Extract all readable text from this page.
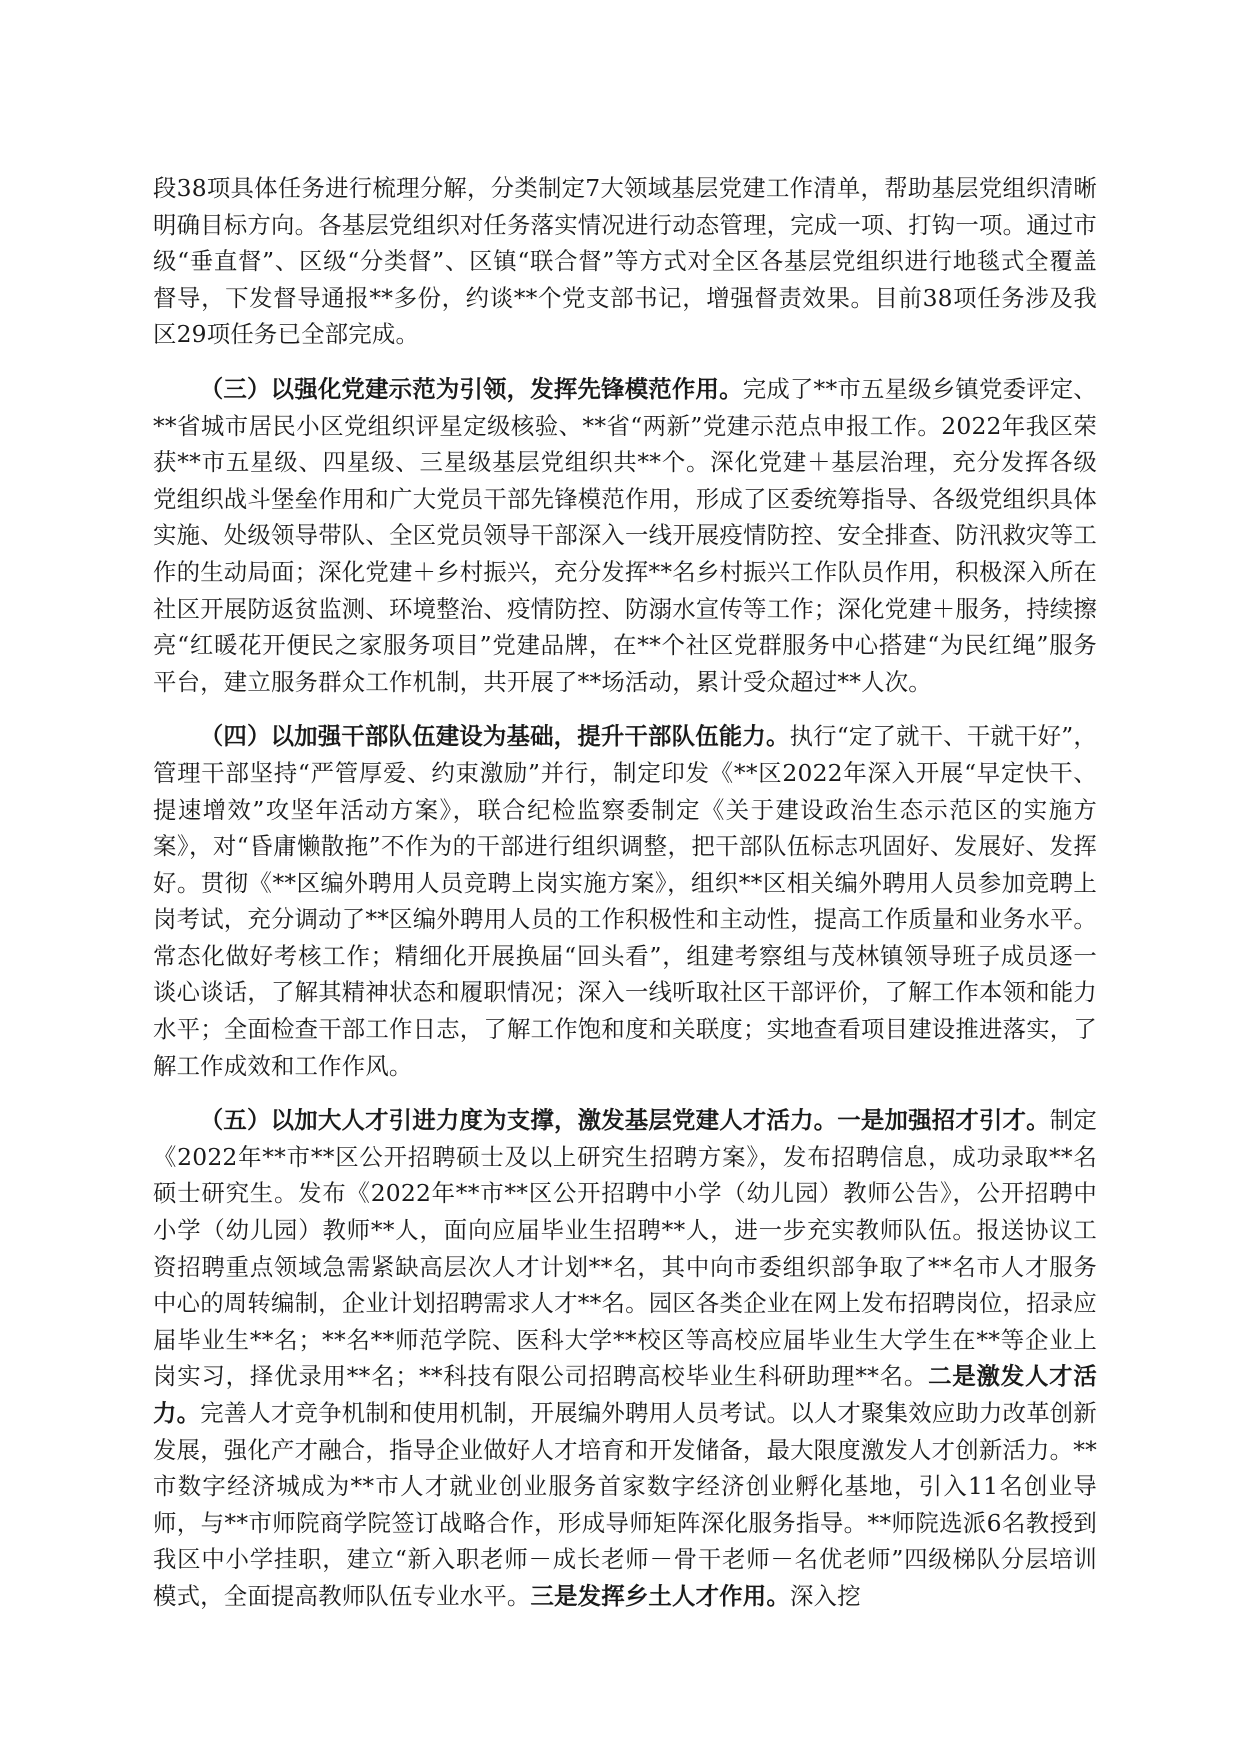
段38项具体任务进行梳理分解，分类制定7大领域基层党建工作清单，帮助基层党组织清晰明确目标方向。各基层党组织对任务落实情况进行动态管理，完成一项、打钩一项。通过市级“垂直督”、区级“分类督”、区镇“联合督”等方式对全区各基层党组织进行地毯式全覆盖督导，下发督导通报**多份，约谈**个党支部书记，增强督责效果。目前38项任务涉及我区29项任务已全部完成。

（三）以强化党建示范为引领，发挥先锋模范作用。完成了**市五星级乡镇党委评定、**省城市居民小区党组织评星定级核验、**省“两新”党建示范点申报工作。2022年我区荣获**市五星级、四星级、三星级基层党组织共**个。深化党建＋基层治理，充分发挥各级党组织战斗堡垒作用和广大党员干部先锋模范作用，形成了区委统筹指导、各级党组织具体实施、处级领导带队、全区党员领导干部深入一线开展疫情防控、安全排查、防汛救灾等工作的生动局面；深化党建＋乡村振兴，充分发挥**名乡村振兴工作队员作用，积极深入所在社区开展防返贫监测、环境整治、疫情防控、防溺水宣传等工作；深化党建＋服务，持续擦亮“红暖花开便民之家服务项目”党建品牌，在**个社区党群服务中心搭建“为民红绳”服务平台，建立服务群众工作机制，共开展了**场活动，累计受众超过**人次。

（四）以加强干部队伍建设为基础，提升干部队伍能力。执行“定了就干、干就干好”，管理干部坚持“严管厚爱、约束激励”并行，制定印发《**区2022年深入开展“早定快干、提速增效”攻坚年活动方案》，联合纪检监察委制定《关于建设政治生态示范区的实施方案》，对“昏庸懒散拖”不作为的干部进行组织调整，把干部队伍标志巩固好、发展好、发挥好。贯彻《**区编外聘用人员竞聘上岗实施方案》，组织**区相关编外聘用人员参加竞聘上岗考试，充分调动了**区编外聘用人员的工作积极性和主动性，提高工作质量和业务水平。常态化做好考核工作；精细化开展换届“回头看”，组建考察组与茂林镇领导班子成员逐一谈心谈话，了解其精神状态和履职情况；深入一线听取社区干部评价，了解工作本领和能力水平；全面检查干部工作日志，了解工作饱和度和关联度；实地查看项目建设推进落实，了解工作成效和工作作风。

（五）以加大人才引进力度为支撑，激发基层党建人才活力。一是加强招才引才。制定《2022年**市**区公开招聘硕士及以上研究生招聘方案》，发布招聘信息，成功录取**名硕士研究生。发布《2022年**市**区公开招聘中小学（幼儿园）教师公告》，公开招聘中小学（幼儿园）教师**人，面向应届毕业生招聘**人，进一步充实教师队伍。报送协议工资招聘重点领域急需紧缺高层次人才计划**名，其中向市委组织部争取了**名市人才服务中心的周转编制，企业计划招聘需求人才**名。园区各类企业在网上发布招聘岗位，招录应届毕业生**名；**名**师范学院、医科大学**校区等高校应届毕业生大学生在**等企业上岗实习，择优录用**名；**科技有限公司招聘高校毕业生科研助理**名。二是激发人才活力。完善人才竞争机制和使用机制，开展编外聘用人员考试。以人才聚集效应助力改革创新发展，强化产才融合，指导企业做好人才培育和开发储备，最大限度激发人才创新活力。**市数字经济城成为**市人才就业创业服务首家数字经济创业孵化基地，引入11名创业导师，与**市师院商学院签订战略合作，形成导师矩阵深化服务指导。**师院选派6名教授到我区中小学挂职，建立“新入职老师－成长老师－骨干老师－名优老师”四级梯队分层培训模式，全面提高教师队伍专业水平。三是发挥乡土人才作用。深入挖
